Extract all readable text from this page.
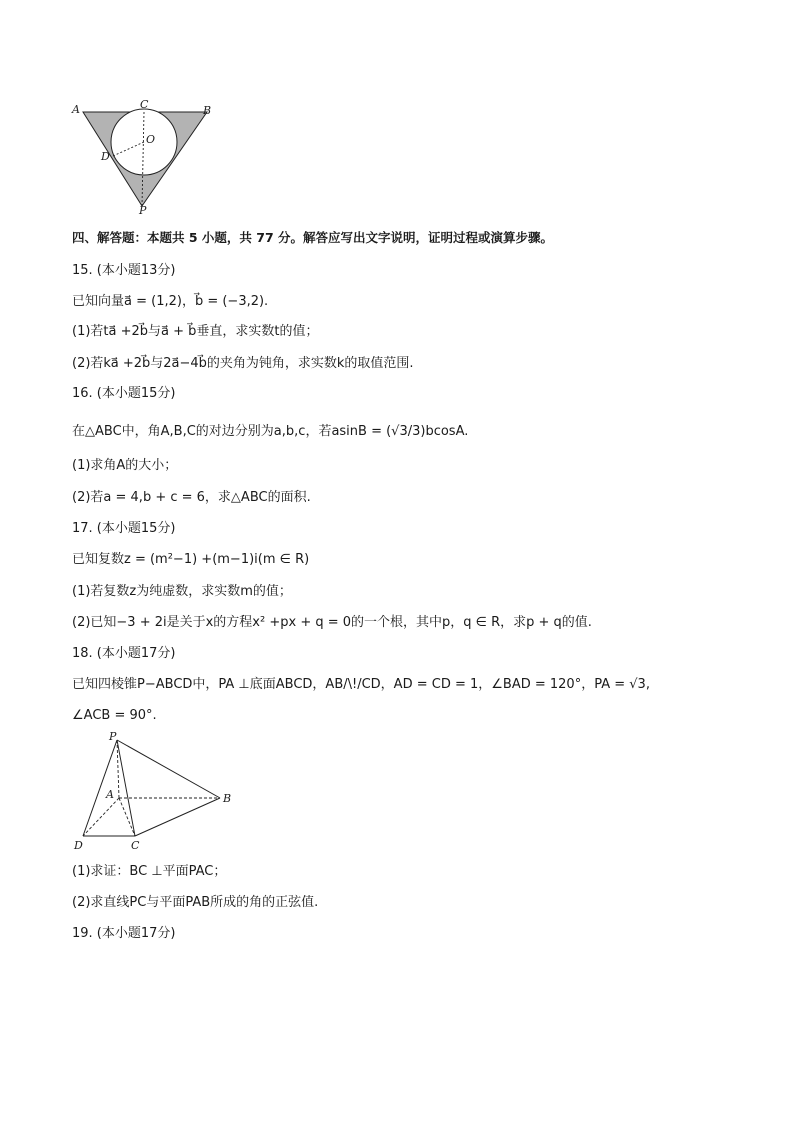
A	B
C
O
D
P
四、解答题：本题共 5 小题，共 77 分。解答应写出文字说明，证明过程或演算步骤。
15. (本小题13分)
已知向量a⃗ = (1,2)，b⃗ = (−3,2).
(1)若ta⃗ +2b⃗与a⃗ + b⃗垂直，求实数t的值；
(2)若ka⃗ +2b⃗与2a⃗−4b⃗的夹角为钝角，求实数k的取值范围.
16. (本小题15分)
在△ABC中，角A,B,C的对边分别为a,b,c，若asinB = (√3/3)bcosA.
(1)求角A的大小；
(2)若a = 4,b + c = 6，求△ABC的面积.
17. (本小题15分)
已知复数z = (m²−1) +(m−1)i(m ∈ R)
(1)若复数z为纯虚数，求实数m的值；
(2)已知−3 + 2i是关于x的方程x² +px + q = 0的一个根，其中p，q ∈ R，求p + q的值.
18. (本小题17分)
已知四棱锥P−ABCD中，PA ⊥底面ABCD，AB/\!/CD，AD = CD = 1，∠BAD = 120°，PA = √3,
∠ACB = 90°.
P
A	B
C
D
(1)求证：BC ⊥平面PAC；
(2)求直线PC与平面PAB所成的角的正弦值.
19. (本小题17分)
